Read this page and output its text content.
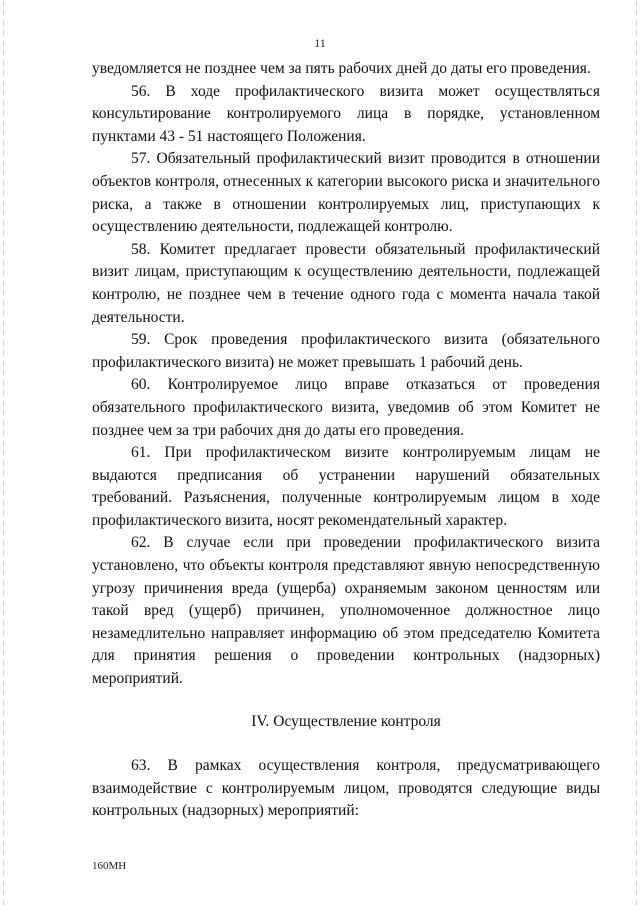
11

уведомляется не позднее чем за пять рабочих дней до даты его проведения.

56. В ходе профилактического визита может осуществляться консультирование контролируемого лица в порядке, установленном пунктами 43 - 51 настоящего Положения.

57. Обязательный профилактический визит проводится в отношении объектов контроля, отнесенных к категории высокого риска и значительного риска, а также в отношении контролируемых лиц, приступающих к осуществлению деятельности, подлежащей контролю.

58. Комитет предлагает провести обязательный профилактический визит лицам, приступающим к осуществлению деятельности, подлежащей контролю, не позднее чем в течение одного года с момента начала такой деятельности.

59. Срок проведения профилактического визита (обязательного профилактического визита) не может превышать 1 рабочий день.

60. Контролируемое лицо вправе отказаться от проведения обязательного профилактического визита, уведомив об этом Комитет не позднее чем за три рабочих дня до даты его проведения.

61. При профилактическом визите контролируемым лицам не выдаются предписания об устранении нарушений обязательных требований. Разъяснения, полученные контролируемым лицом в ходе профилактического визита, носят рекомендательный характер.

62. В случае если при проведении профилактического визита установлено, что объекты контроля представляют явную непосредственную угрозу причинения вреда (ущерба) охраняемым законом ценностям или такой вред (ущерб) причинен, уполномоченное должностное лицо незамедлительно направляет информацию об этом председателю Комитета для принятия решения о проведении контрольных (надзорных) мероприятий.

IV. Осуществление контроля

63. В рамках осуществления контроля, предусматривающего взаимодействие с контролируемым лицом, проводятся следующие виды контрольных (надзорных) мероприятий:

160МН
